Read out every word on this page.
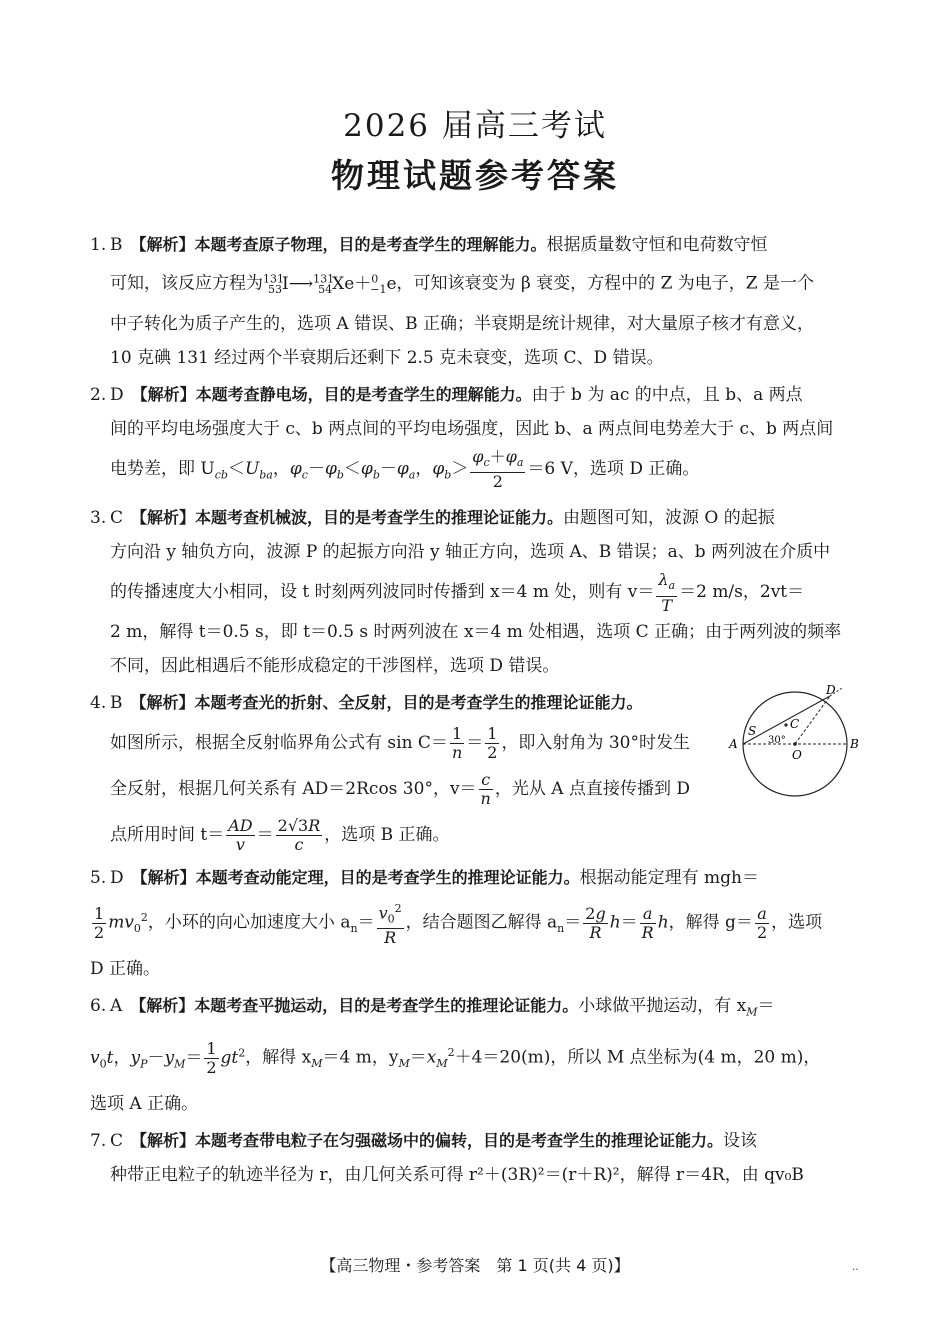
2026 届高三考试
物理试题参考答案
1. B 【解析】本题考查原子物理，目的是考查学生的理解能力。根据质量数守恒和电荷数守恒
可知，该反应方程为$^{131}_{53}$I⟶$^{131}_{54}$Xe＋$^0_{-1}$e，可知该衰变为 β 衰变，方程中的 Z 为电子，Z 是一个
中子转化为质子产生的，选项 A 错误、B 正确；半衰期是统计规律，对大量原子核才有意义，
10 克碘 131 经过两个半衰期后还剩下 2.5 克未衰变，选项 C、D 错误。
2. D 【解析】本题考查静电场，目的是考查学生的理解能力。由于 b 为 ac 的中点，且 b、a 两点
间的平均电场强度大于 c、b 两点间的平均电场强度，因此 b、a 两点间电势差大于 c、b 两点间
电势差，即 $U_{cb}<U_{ba}$，$\varphi_c-\varphi_b<\varphi_b-\varphi_a$，$\varphi_b> \frac{\varphi_c+\varphi_a}{2} =6$ V，选项 D 正确。
3. C 【解析】本题考查机械波，目的是考查学生的推理论证能力。由题图可知，波源 O 的起振
方向沿 y 轴负方向，波源 P 的起振方向沿 y 轴正方向，选项 A、B 错误；a、b 两列波在介质中
的传播速度大小相同，设 t 时刻两列波同时传播到 x＝4 m 处，则有 $v= \frac{\lambda_a}{T} =2$ m/s，2vt＝
2 m，解得 t＝0.5 s，即 t＝0.5 s 时两列波在 x＝4 m 处相遇，选项 C 正确；由于两列波的频率
不同，因此相遇后不能形成稳定的干涉图样，选项 D 错误。
4. B 【解析】本题考查光的折射、全反射，目的是考查学生的推理论证能力。
如图所示，根据全反射临界角公式有 $\sin C= \frac{1}{n} = \frac{1}{2}$ ，即入射角为 30°时发生
全反射，根据几何关系有 AD＝2Rcos 30°，$v= \frac{c}{n}$ ，光从 A 点直接传播到 D
点所用时间 $t= \frac{AD}{v} = \frac{2√3R}{c}$ ，选项 B 正确。
5. D 【解析】本题考查动能定理，目的是考查学生的推理论证能力。根据动能定理有 mgh＝
$\frac{1}{2} mv_0^2$，小环的向心加速度大小 $a_n= \frac{v_0^2}{R}$ ，结合题图乙解得 $a_n= \frac{2g}{R} h= \frac{a}{R}$ h，解得 $g= \frac{a}{2}$ ，选项
D 正确。
6. A 【解析】本题考查平抛运动，目的是考查学生的推理论证能力。小球做平抛运动，有 $x_M=$
$v_0t$，$y_P-y_M= \frac{1}{2} gt^2$，解得 $x_M=4$ m，$y_M=x_M^2+4=20(m)$，所以 M 点坐标为(4 m，20 m)，
选项 A 正确。
7. C 【解析】本题考查带电粒子在匀强磁场中的偏转，目的是考查学生的推理论证能力。设该
种带正电粒子的轨迹半径为 r，由几何关系可得 r²＋(3R)²＝(r＋R)²，解得 r＝4R，由 qv₀B
D
S	C
A	30°
O
B
【高三物理・参考答案　第 1 页(共 4 页)】	‥
